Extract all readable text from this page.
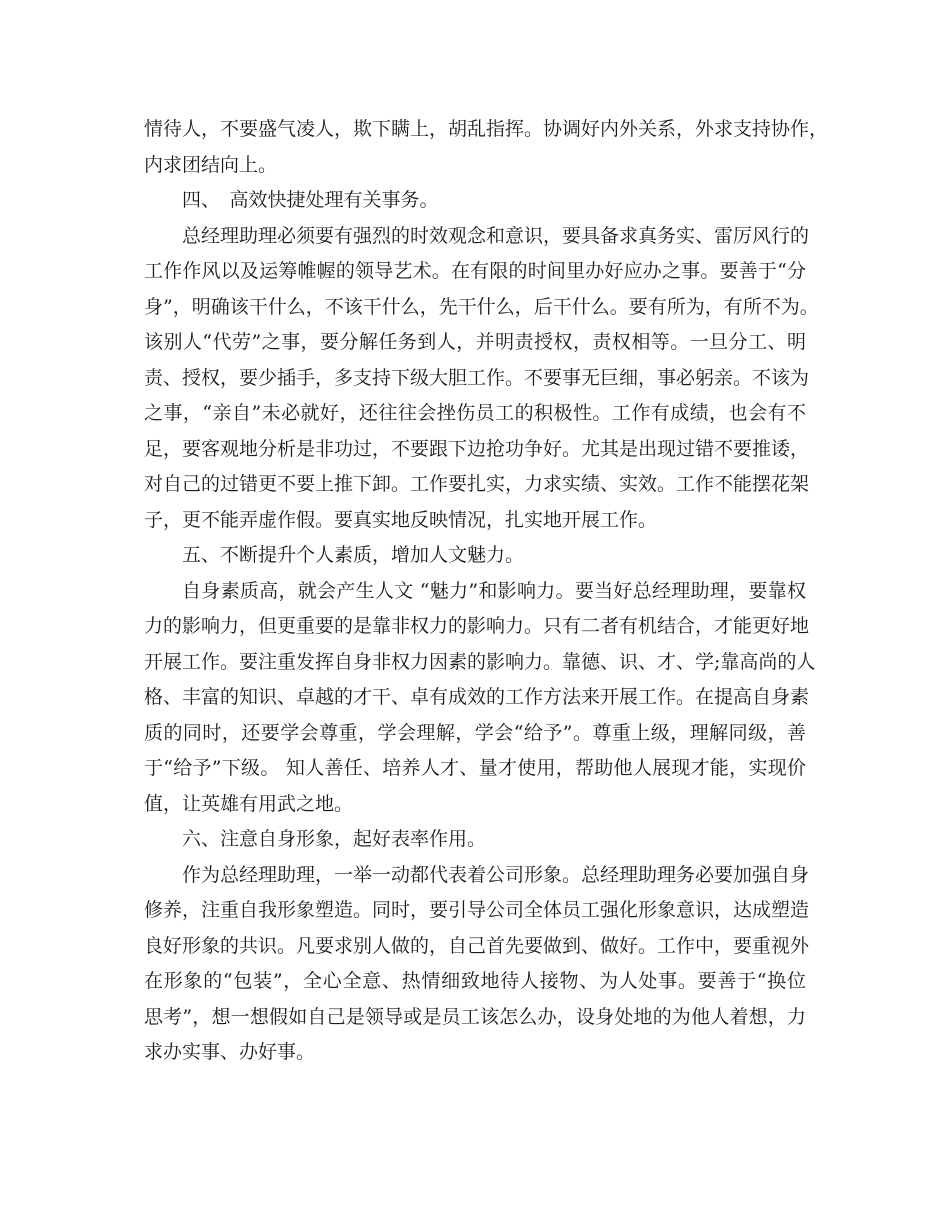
情待人，不要盛气凌人，欺下瞒上，胡乱指挥。协调好内外关系，外求支持协作，
内求团结向上。
四、　高效快捷处理有关事务。
总经理助理必须要有强烈的时效观念和意识，要具备求真务实、雷厉风行的
工作作风以及运筹帷幄的领导艺术。在有限的时间里办好应办之事。要善于“分
身”，明确该干什么，不该干什么，先干什么，后干什么。要有所为，有所不为。
该别人“代劳”之事，要分解任务到人，并明责授权，责权相等。一旦分工、明
责、授权，要少插手，多支持下级大胆工作。不要事无巨细，事必躬亲。不该为
之事，“亲自”未必就好，还往往会挫伤员工的积极性。工作有成绩，也会有不
足，要客观地分析是非功过，不要跟下边抢功争好。尤其是出现过错不要推诿，
对自己的过错更不要上推下卸。工作要扎实，力求实绩、实效。工作不能摆花架
子，更不能弄虚作假。要真实地反映情况，扎实地开展工作。
五、不断提升个人素质，增加人文魅力。
自身素质高，就会产生人文 “魅力”和影响力。要当好总经理助理，要靠权
力的影响力，但更重要的是靠非权力的影响力。只有二者有机结合，才能更好地
开展工作。要注重发挥自身非权力因素的影响力。靠德、识、才、学;靠高尚的人
格、丰富的知识、卓越的才干、卓有成效的工作方法来开展工作。在提高自身素
质的同时，还要学会尊重，学会理解，学会“给予”。尊重上级，理解同级，善
于“给予”下级。 知人善任、培养人才、量才使用，帮助他人展现才能，实现价
值，让英雄有用武之地。
六、注意自身形象，起好表率作用。
作为总经理助理，一举一动都代表着公司形象。总经理助理务必要加强自身
修养，注重自我形象塑造。同时，要引导公司全体员工强化形象意识，达成塑造
良好形象的共识。凡要求别人做的，自己首先要做到、做好。工作中，要重视外
在形象的“包装”，全心全意、热情细致地待人接物、为人处事。要善于“换位
思考”，想一想假如自己是领导或是员工该怎么办，设身处地的为他人着想，力
求办实事、办好事。
